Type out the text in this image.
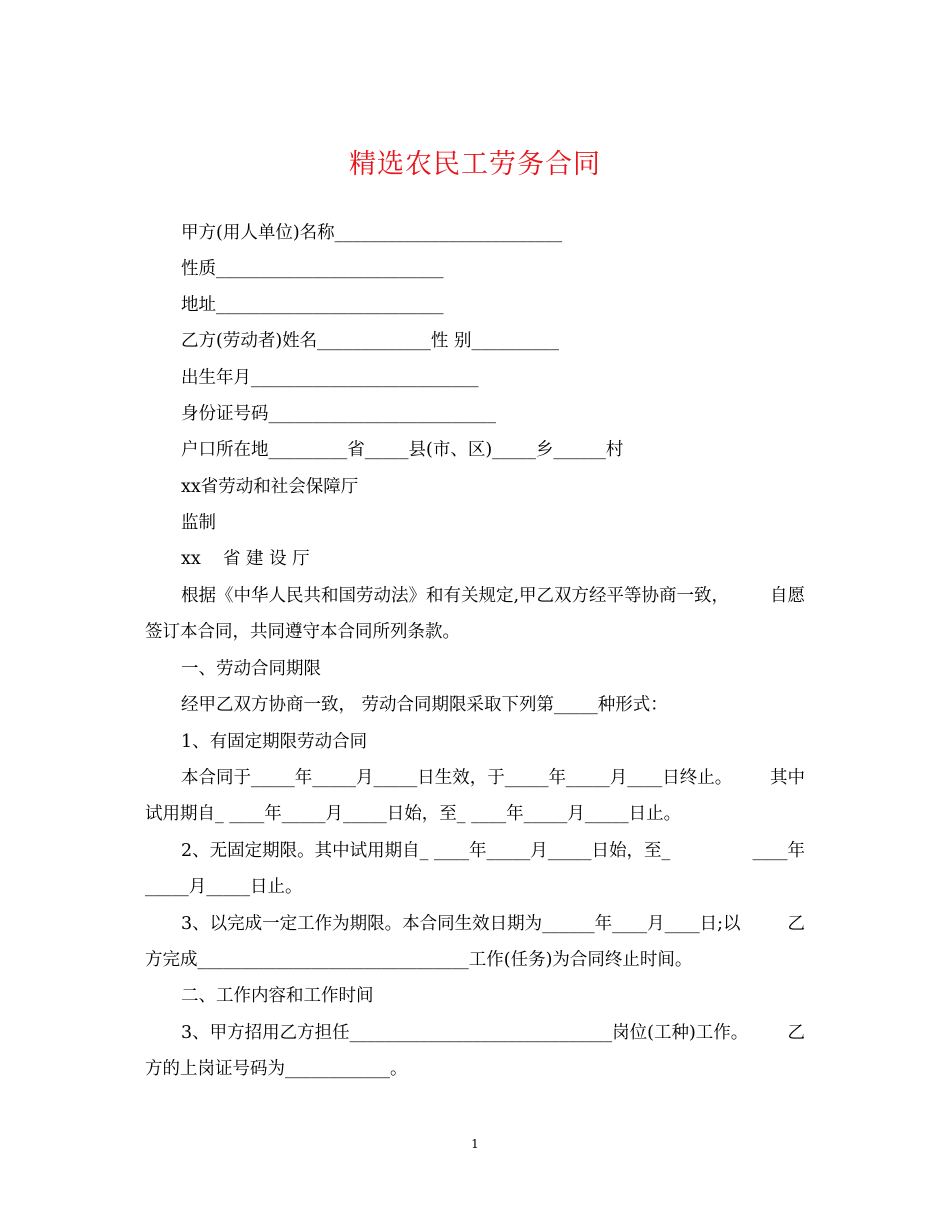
精选农民工劳务合同
甲方(用人单位)名称__________________________
性质__________________________
地址__________________________
乙方(劳动者)姓名_____________性 别__________
出生年月__________________________
身份证号码__________________________
户口所在地_________省_____县(市、区)_____乡______村
xx省劳动和社会保障厅
监制
xx    省 建 设 厅
根据《中华人民共和国劳动法》和有关规定,甲乙双方经平等协商一致， 自愿
签订本合同，共同遵守本合同所列条款。
一、劳动合同期限
经甲乙双方协商一致， 劳动合同期限采取下列第_____种形式：
1、有固定期限劳动合同
本合同于_____年_____月_____日生效，于_____年_____月____日终止。 其中
试用期自_ ____年_____月_____日始，至_ ____年_____月_____日止。
2、无固定期限。其中试用期自_ ____年_____月_____日始，至_	____年
_____月_____日止。
3、以完成一定工作为期限。本合同生效日期为______年____月____日;以	乙
方完成_______________________________工作(任务)为合同终止时间。
二、工作内容和工作时间
3、甲方招用乙方担任______________________________岗位(工种)工作。 乙
方的上岗证号码为____________。
1
